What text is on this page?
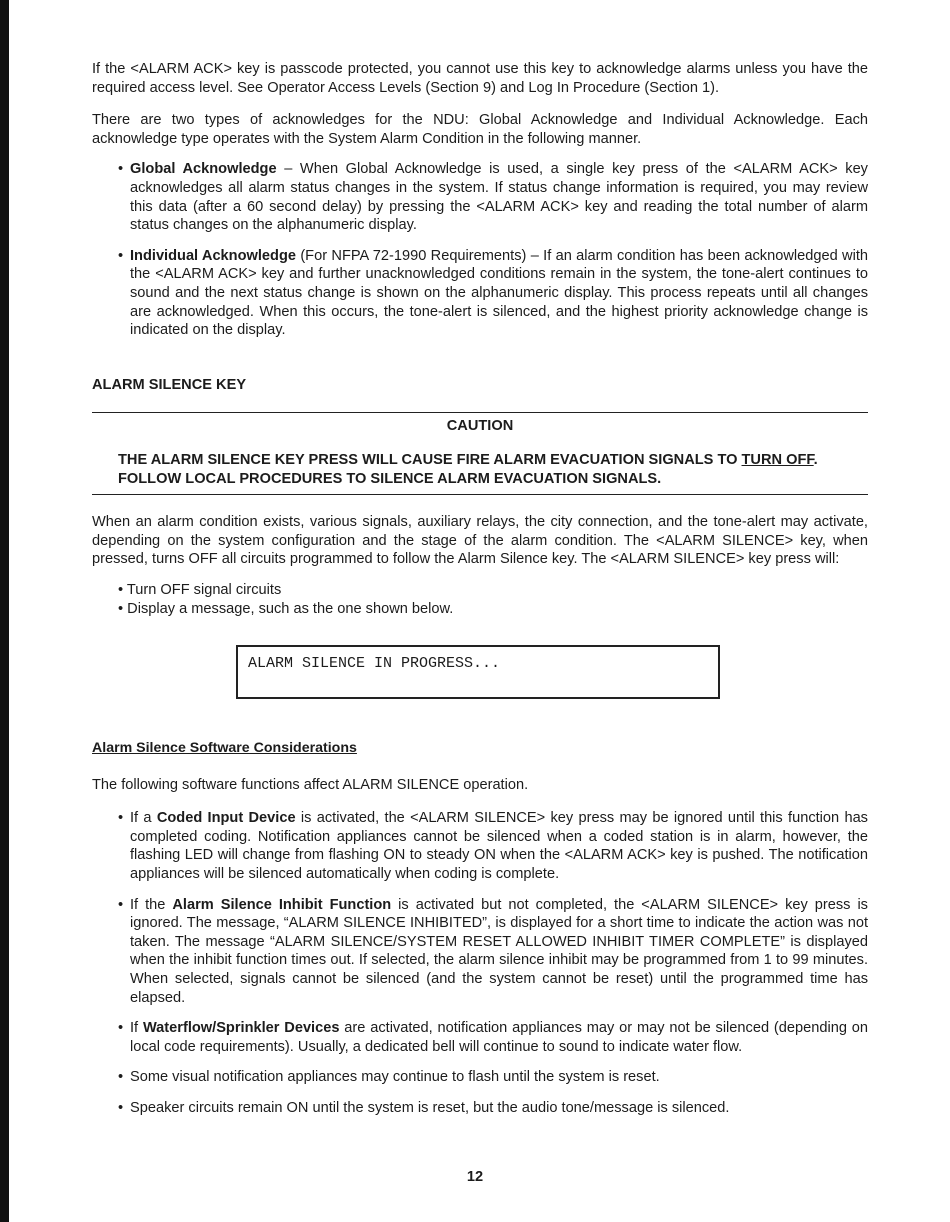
If the <ALARM ACK> key is passcode protected, you cannot use this key to acknowledge alarms unless you have the required access level. See Operator Access Levels (Section 9) and Log In Procedure (Section 1).

There are two types of acknowledges for the NDU: Global Acknowledge and Individual Acknowledge. Each acknowledge type operates with the System Alarm Condition in the following manner.

• Global Acknowledge – When Global Acknowledge is used, a single key press of the <ALARM ACK> key acknowledges all alarm status changes in the system. If status change information is required, you may review this data (after a 60 second delay) by pressing the <ALARM ACK> key and reading the total number of alarm status changes on the alphanumeric display.
• Individual Acknowledge (For NFPA 72-1990 Requirements) – If an alarm condition has been acknowledged with the <ALARM ACK> key and further unacknowledged conditions remain in the system, the tone-alert continues to sound and the next status change is shown on the alphanumeric display. This process repeats until all changes are acknowledged. When this occurs, the tone-alert is silenced, and the highest priority acknowledge change is indicated on the display.
ALARM SILENCE KEY
CAUTION
THE ALARM SILENCE KEY PRESS WILL CAUSE FIRE ALARM EVACUATION SIGNALS TO TURN OFF. FOLLOW LOCAL PROCEDURES TO SILENCE ALARM EVACUATION SIGNALS.

When an alarm condition exists, various signals, auxiliary relays, the city connection, and the tone-alert may activate, depending on the system configuration and the stage of the alarm condition. The <ALARM SILENCE> key, when pressed, turns OFF all circuits programmed to follow the Alarm Silence key. The <ALARM SILENCE> key press will:

• Turn OFF signal circuits
• Display a message, such as the one shown below.
ALARM SILENCE IN PROGRESS...
Alarm Silence Software Considerations

The following software functions affect ALARM SILENCE operation.

• If a Coded Input Device is activated, the <ALARM SILENCE> key press may be ignored until this function has completed coding. Notification appliances cannot be silenced when a coded station is in alarm, however, the flashing LED will change from flashing ON to steady ON when the <ALARM ACK> key is pushed. The notification appliances will be silenced automatically when coding is complete.
• If the Alarm Silence Inhibit Function is activated but not completed, the <ALARM SILENCE> key press is ignored. The message, “ALARM SILENCE INHIBITED”, is displayed for a short time to indicate the action was not taken. The message “ALARM SILENCE/SYSTEM RESET ALLOWED INHIBIT TIMER COMPLETE” is displayed when the inhibit function times out. If selected, the alarm silence inhibit may be programmed from 1 to 99 minutes. When selected, signals cannot be silenced (and the system cannot be reset) until the programmed time has elapsed.
• If Waterflow/Sprinkler Devices are activated, notification appliances may or may not be silenced (depending on local code requirements). Usually, a dedicated bell will continue to sound to indicate water flow.
• Some visual notification appliances may continue to flash until the system is reset.
• Speaker circuits remain ON until the system is reset, but the audio tone/message is silenced.
12
